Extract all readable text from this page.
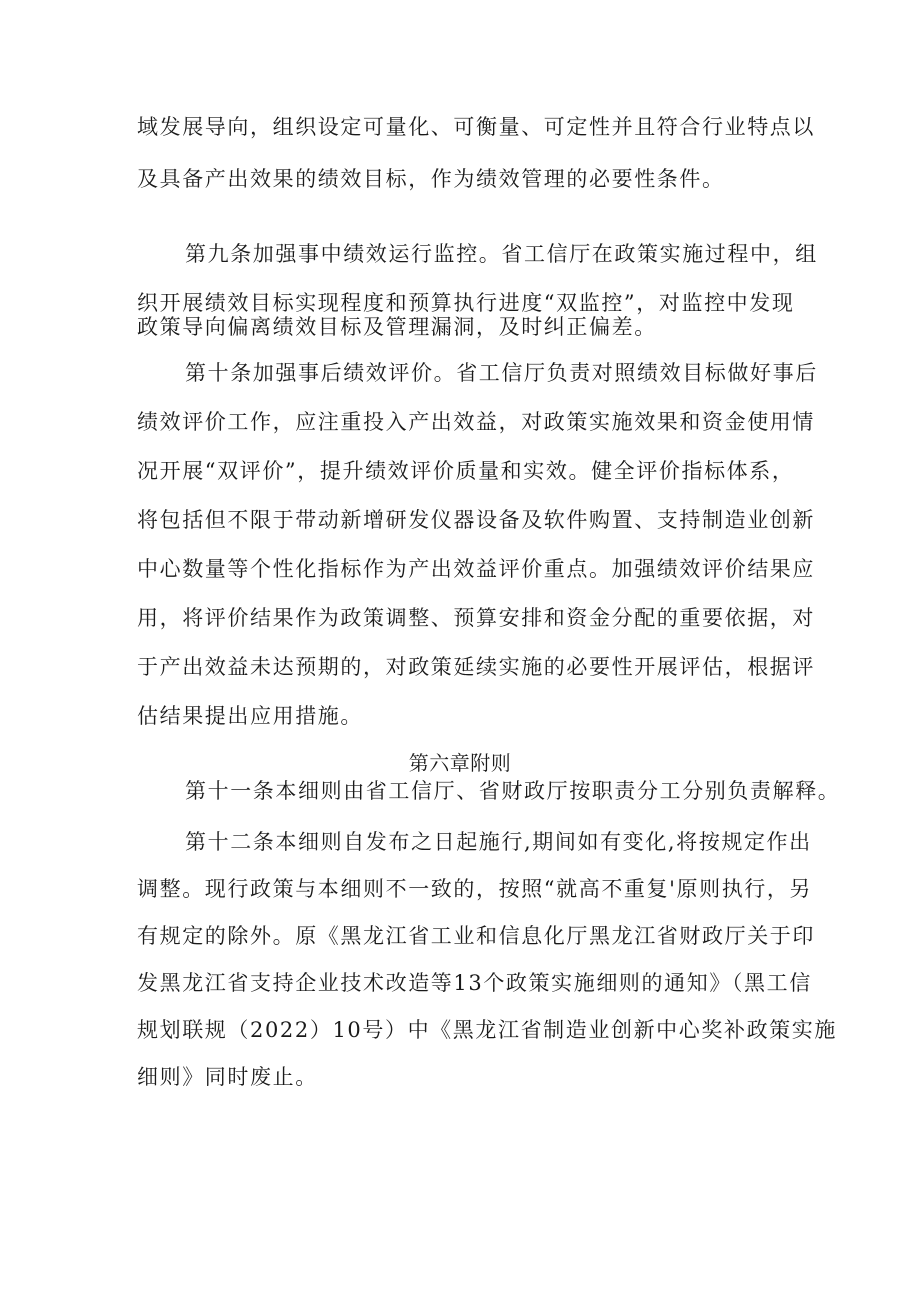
域发展导向，组织设定可量化、可衡量、可定性并且符合行业特点以
及具备产出效果的绩效目标，作为绩效管理的必要性条件。
第九条加强事中绩效运行监控。省工信厅在政策实施过程中，组
织开展绩效目标实现程度和预算执行进度“双监控”，对监控中发现
政策导向偏离绩效目标及管理漏洞，及时纠正偏差。
第十条加强事后绩效评价。省工信厅负责对照绩效目标做好事后
绩效评价工作，应注重投入产出效益，对政策实施效果和资金使用情
况开展“双评价”，提升绩效评价质量和实效。健全评价指标体系，
将包括但不限于带动新增研发仪器设备及软件购置、支持制造业创新
中心数量等个性化指标作为产出效益评价重点。加强绩效评价结果应
用，将评价结果作为政策调整、预算安排和资金分配的重要依据，对
于产出效益未达预期的，对政策延续实施的必要性开展评估，根据评
估结果提出应用措施。
第六章附则
第十一条本细则由省工信厅、省财政厅按职责分工分别负责解释。
第十二条本细则自发布之日起施行,期间如有变化,将按规定作出
调整。现行政策与本细则不一致的，按照“就高不重复'原则执行，另
有规定的除外。原《黑龙江省工业和信息化厅黑龙江省财政厅关于印
发黑龙江省支持企业技术改造等13个政策实施细则的通知》（黑工信
规划联规（2022）10号）中《黑龙江省制造业创新中心奖补政策实施
细则》同时废止。
